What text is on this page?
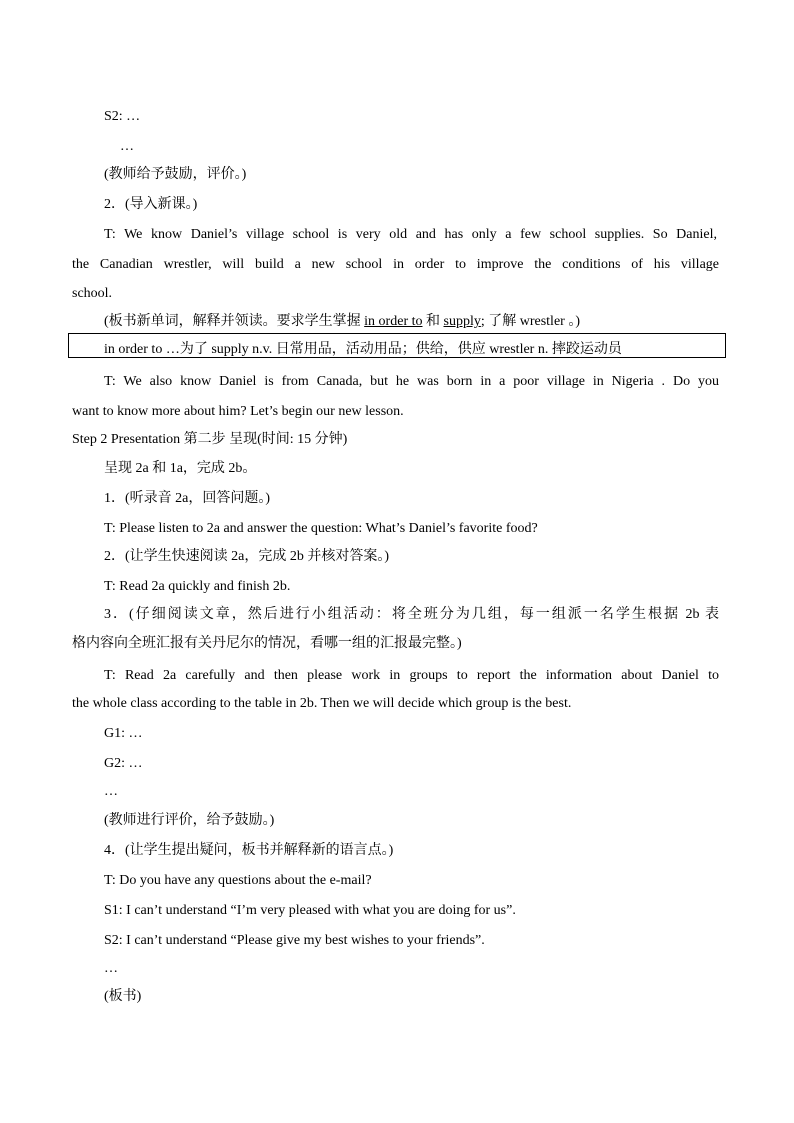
S2: …
…
(教师给予鼓励，评价。)
2．(导入新课。)
T: We know Daniel’s village school is very old and has only a few school supplies. So Daniel,
the Canadian wrestler, will build a new school in order to improve the conditions of his village
school.
(板书新单词，解释并领读。要求学生掌握 in order to 和 supply; 了解 wrestler 。)
in order to …为了 supply n.v. 日常用品，活动用品；供给，供应 wrestler n. 摔跤运动员
T: We also know Daniel is from Canada, but he was born in a poor village in Nigeria . Do you
want to know more about him? Let’s begin our new lesson.
Step 2 Presentation 第二步 呈现(时间: 15 分钟)
呈现 2a 和 1a，完成 2b。
1．(听录音 2a，回答问题。)
T: Please listen to 2a and answer the question: What’s Daniel’s favorite food?
2．(让学生快速阅读 2a，完成 2b 并核对答案。)
T: Read 2a quickly and finish 2b.
3．(仔细阅读文章，然后进行小组活动：将全班分为几组，每一组派一名学生根据 2b 表
格内容向全班汇报有关丹尼尔的情况，看哪一组的汇报最完整。)
T: Read 2a carefully and then please work in groups to report the information about Daniel to
the whole class according to the table in 2b. Then we will decide which group is the best.
G1: …
G2: …
…
(教师进行评价，给予鼓励。)
4．(让学生提出疑问，板书并解释新的语言点。)
T: Do you have any questions about the e-mail?
S1: I can’t understand “I’m very pleased with what you are doing for us”.
S2: I can’t understand “Please give my best wishes to your friends”.
…
(板书)
